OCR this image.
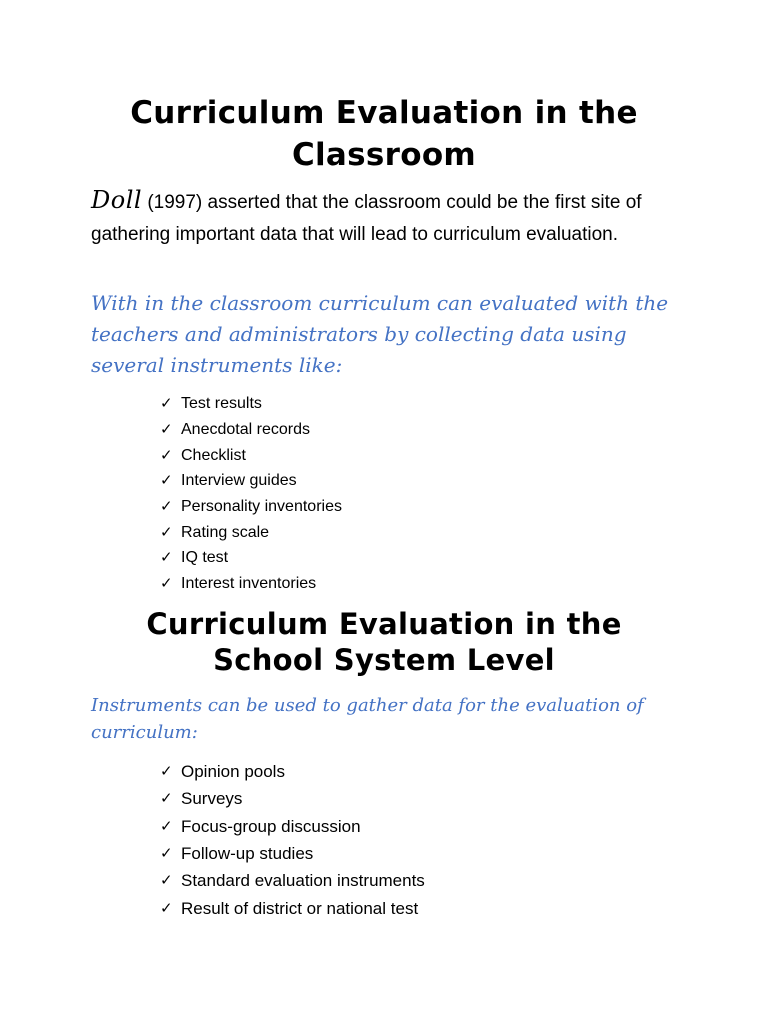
Curriculum Evaluation in the
Classroom

Doll (1997) asserted that the classroom could be the first site of gathering important data that will lead to curriculum evaluation.

With in the classroom curriculum can evaluated with the teachers and administrators by collecting data using several instruments like:

✓ Test results
✓ Anecdotal records
✓ Checklist
✓ Interview guides
✓ Personality inventories
✓ Rating scale
✓ IQ test
✓ Interest inventories
Curriculum Evaluation in the
School System Level

Instruments can be used to gather data for the evaluation of curriculum:

✓ Opinion pools
✓ Surveys
✓ Focus-group discussion
✓ Follow-up studies
✓ Standard evaluation instruments
✓ Result of district or national test
